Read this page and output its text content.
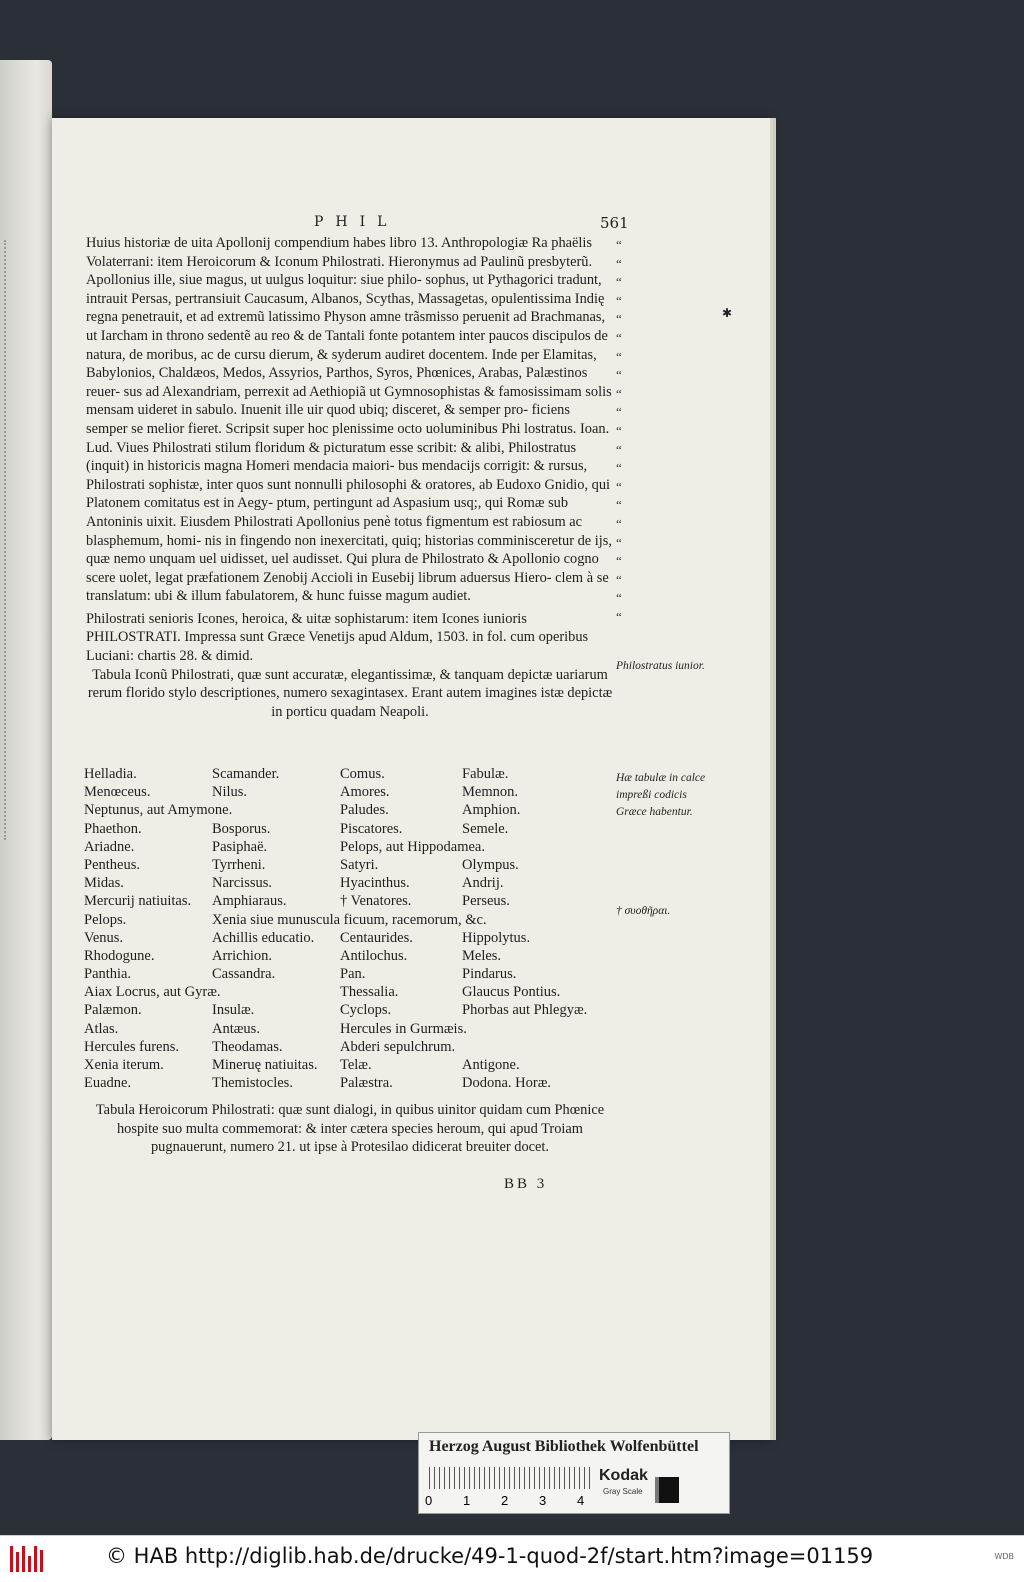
PHIL	561
✱

Huius historiæ de uita Apollonij compendium habes libro 13. Anthropologiæ Ra phaëlis Volaterrani: item Heroicorum & Iconum Philostrati. Hieronymus ad Paulinũ presbyterũ. Apollonius ille, siue magus, ut uulgus loquitur: siue philo- sophus, ut Pythagorici tradunt, intrauit Persas, pertransiuit Caucasum, Albanos, Scythas, Massagetas, opulentissima Indię regna penetrauit, et ad extremũ latissimo Physon amne trãsmisso peruenit ad Brachmanas, ut Iarcham in throno sedentẽ au reo & de Tantali fonte potantem inter paucos discipulos de natura, de moribus, ac de cursu dierum, & syderum audiret docentem. Inde per Elamitas, Babylonios, Chaldæos, Medos, Assyrios, Parthos, Syros, Phœnices, Arabas, Palæstinos reuer- sus ad Alexandriam, perrexit ad Aethiopiã ut Gymnosophistas & famosissimam solis mensam uideret in sabulo. Inuenit ille uir quod ubiq; disceret, & semper pro- ficiens semper se melior fieret. Scripsit super hoc plenissime octo uoluminibus Phi lostratus. Ioan. Lud. Viues Philostrati stilum floridum & picturatum esse scribit: & alibi, Philostratus (inquit) in historicis magna Homeri mendacia maiori- bus mendacijs corrigit: & rursus, Philostrati sophistæ, inter quos sunt nonnulli philosophi & oratores, ab Eudoxo Gnidio, qui Platonem comitatus est in Aegy- ptum, pertingunt ad Aspasium usq;, qui Romæ sub Antoninis uixit. Eiusdem Philostrati Apollonius penè totus figmentum est rabiosum ac blasphemum, homi- nis in fingendo non inexercitati, quiq; historias comminisceretur de ijs, quæ nemo unquam uel uidisset, uel audisset. Qui plura de Philostrato & Apollonio cogno scere uolet, legat præfationem Zenobij Accioli in Eusebij librum aduersus Hiero- clem à se translatum: ubi & illum fabulatorem, & hunc fuisse magum audiet.

Philostrati senioris Icones, heroica, & uitæ sophistarum: item Icones iunioris PHILOSTRATI. Impressa sunt Græce Venetijs apud Aldum, 1503. in fol. cum operibus Luciani: chartis 28. & dimid.

Tabula Iconũ Philostrati, quæ sunt accuratæ, elegantissimæ, & tanquam depictæ uariarum rerum florido stylo descriptiones, numero sexagintasex. Erant autem imagines istæ depictæ in porticu quadam Neapoli.

“
“
“
“
“
“
“
“
“
“
“
“
“
“
“
“
“
“
“
“
“
Philostratus iunior.
Hæ tabulæ in calce impreßi codicis Græce habentur.
† συοθῆραι.
Helladia.	Scamander.	Comus.	Fabulæ.
Menœceus.	Nilus.	Amores.	Memnon.
Neptunus, aut Amymone.		Paludes.	Amphion.
Phaethon.	Bosporus.	Piscatores.	Semele.
Ariadne.	Pasiphaë.	Pelops, aut Hippodamea.	
Pentheus.	Tyrrheni.	Satyri.	Olympus.
Midas.	Narcissus.	Hyacinthus.	Andrij.
Mercurij natiuitas.	Amphiaraus.	† Venatores.	Perseus.
Pelops.	Xenia siue munuscula ficuum, racemorum, &c.		
Venus.	Achillis educatio.	Centaurides.	Hippolytus.
Rhodogune.	Arrichion.	Antilochus.	Meles.
Panthia.	Cassandra.	Pan.	Pindarus.
Aiax Locrus, aut Gyræ.		Thessalia.	Glaucus Pontius.
Palæmon.	Insulæ.	Cyclops.	Phorbas aut Phlegyæ.
Atlas.	Antæus.	Hercules in Gurmæis.	
Hercules furens.	Theodamas.	Abderi sepulchrum.	
Xenia iterum.	Mineruę natiuitas.	Telæ.	Antigone.
Euadne.	Themistocles.	Palæstra.	Dodona. Horæ.
Tabula Heroicorum Philostrati: quæ sunt dialogi, in quibus uinitor quidam cum Phœnice hospite suo multa commemorat: & inter cætera species heroum, qui apud Troiam pugnauerunt, numero 21. ut ipse à Protesilao didicerat breuiter docet.
BB 3
Herzog August Bibliothek Wolfenbüttel
0 1 2 3 4
Kodak
Gray Scale
© HAB http://diglib.hab.de/drucke/49-1-quod-2f/start.htm?image=01159	WDB
